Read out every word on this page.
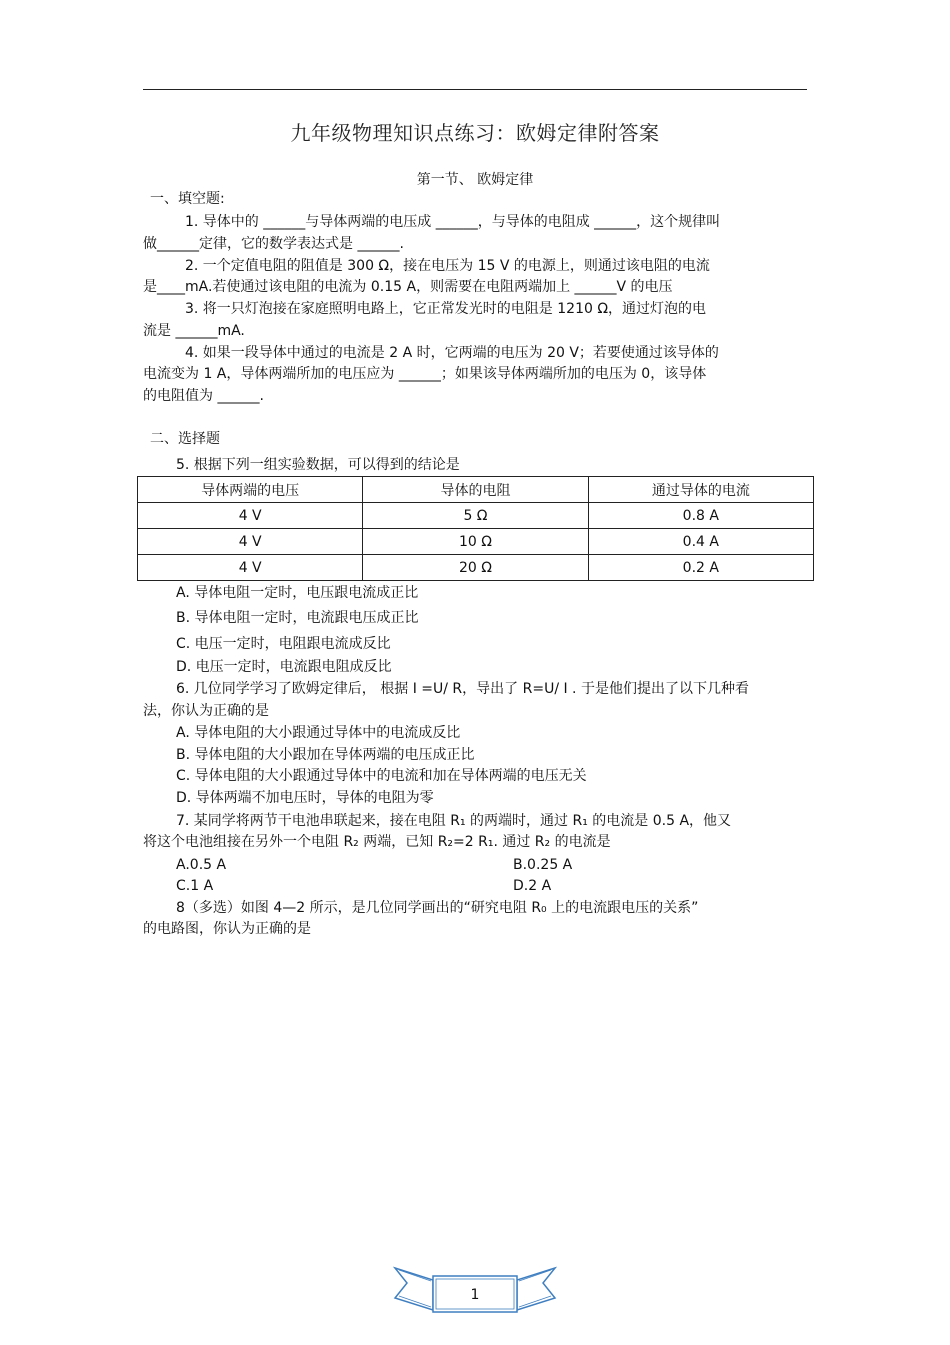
九年级物理知识点练习：欧姆定律附答案
第一节、 欧姆定律
一、填空题:
1. 导体中的 ______与导体两端的电压成 ______，与导体的电阻成 ______，这个规律叫
做______定律，它的数学表达式是 ______.
2. 一个定值电阻的阻值是 300 Ω，接在电压为 15 V 的电源上，则通过该电阻的电流
是____mA.若使通过该电阻的电流为 0.15 A，则需要在电阻两端加上 ______V 的电压
3. 将一只灯泡接在家庭照明电路上，它正常发光时的电阻是 1210 Ω，通过灯泡的电
流是 ______mA.
4. 如果一段导体中通过的电流是 2 A 时，它两端的电压为 20 V；若要使通过该导体的
电流变为 1 A，导体两端所加的电压应为 ______；如果该导体两端所加的电压为 0，该导体
的电阻值为 ______.
二、选择题
5. 根据下列一组实验数据，可以得到的结论是
导体两端的电压	导体的电阻	通过导体的电流
4 V	5 Ω	0.8 A
4 V	10 Ω	0.4 A
4 V	20 Ω	0.2 A
A. 导体电阻一定时，电压跟电流成正比
B. 导体电阻一定时，电流跟电压成正比
C. 电压一定时，电阻跟电流成反比
D. 电压一定时，电流跟电阻成反比
6. 几位同学学习了欧姆定律后， 根据 I =U/ R，导出了 R=U/ I . 于是他们提出了以下几种看
法，你认为正确的是
A. 导体电阻的大小跟通过导体中的电流成反比
B. 导体电阻的大小跟加在导体两端的电压成正比
C. 导体电阻的大小跟通过导体中的电流和加在导体两端的电压无关
D. 导体两端不加电压时，导体的电阻为零
7. 某同学将两节干电池串联起来，接在电阻 R₁ 的两端时，通过 R₁ 的电流是 0.5 A，他又
将这个电池组接在另外一个电阻 R₂ 两端，已知 R₂=2 R₁. 通过 R₂ 的电流是
A.0.5 A	B.0.25 A
C.1 A	D.2 A
8（多选）如图 4—2 所示，是几位同学画出的“研究电阻 R₀ 上的电流跟电压的关系”
的电路图，你认为正确的是
1
